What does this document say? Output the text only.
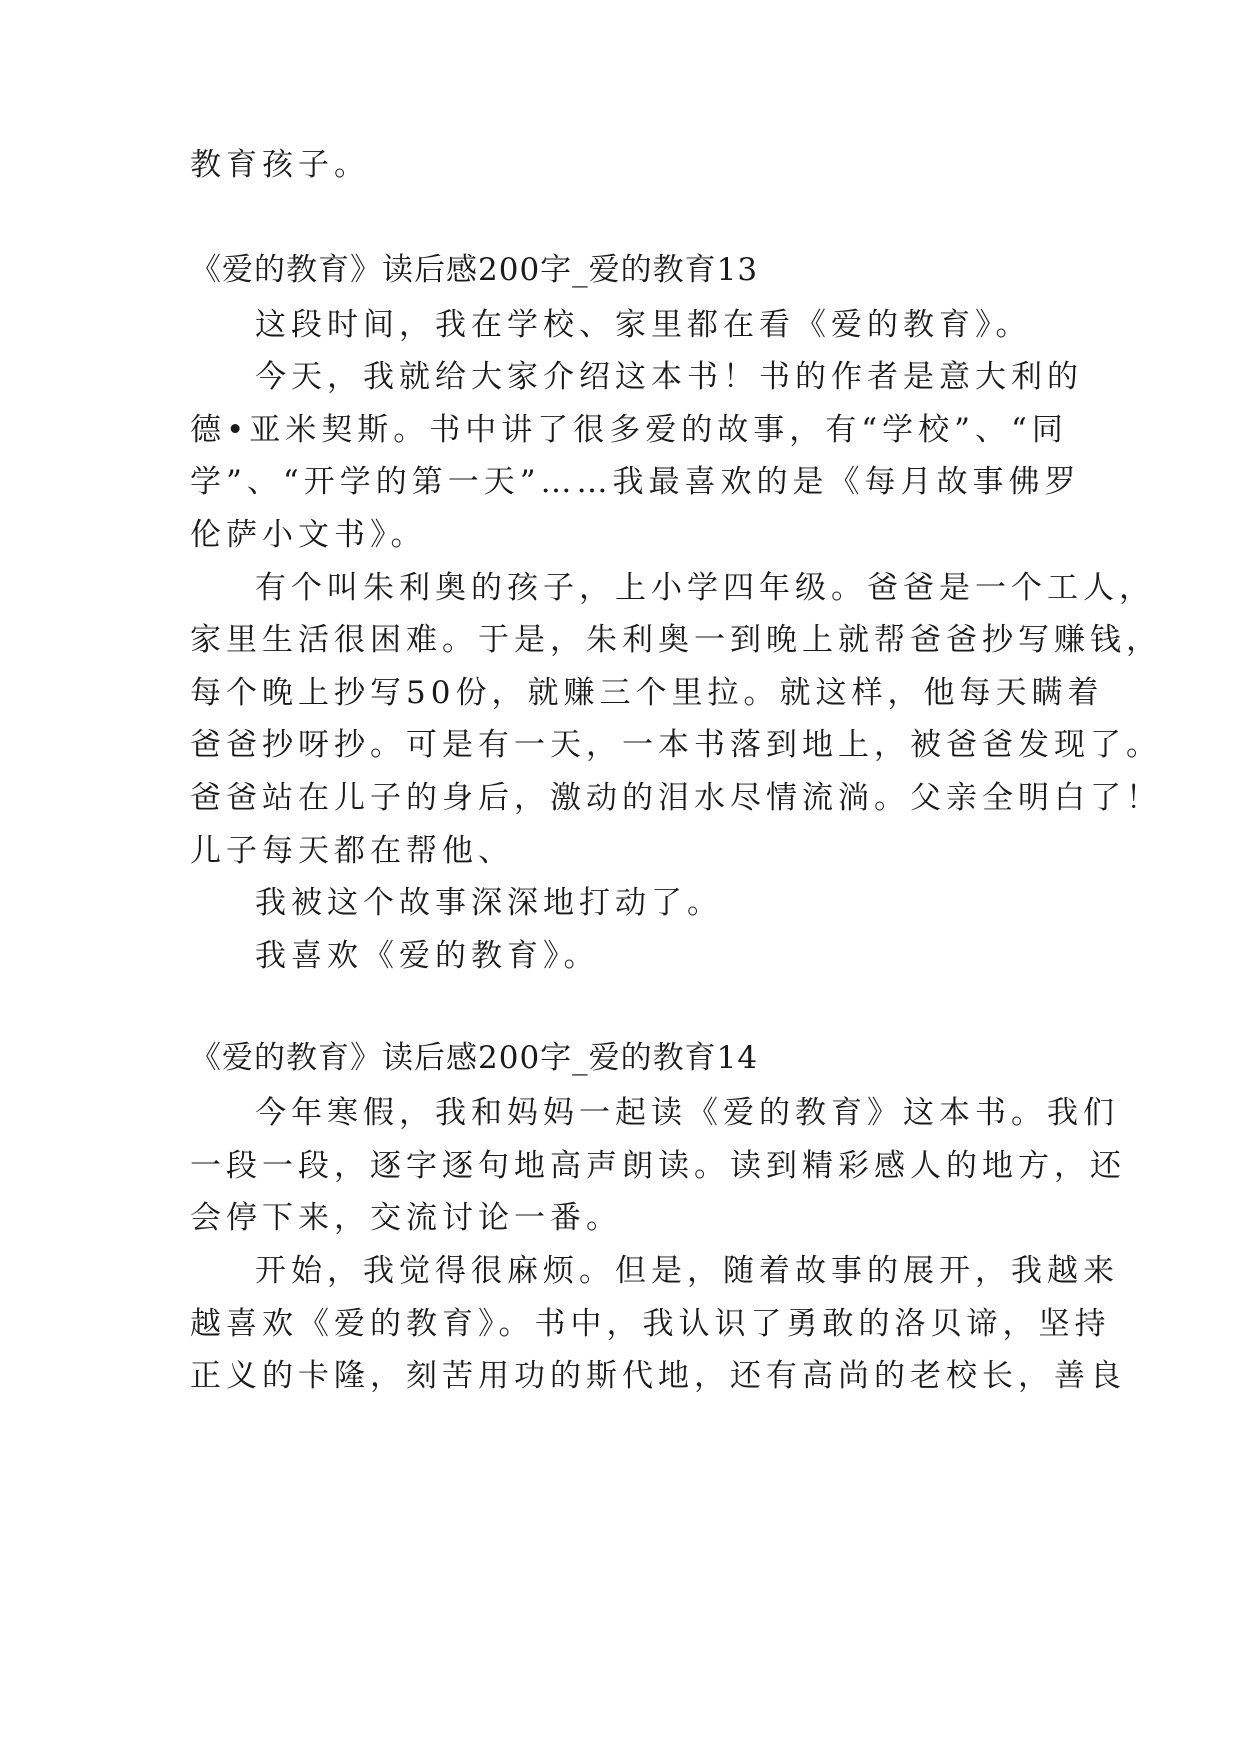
教育孩子。
《爱的教育》读后感200字_爱的教育13
这段时间，我在学校、家里都在看《爱的教育》。
今天，我就给大家介绍这本书！书的作者是意大利的
德•亚米契斯。书中讲了很多爱的故事，有“学校”、“同
学”、“开学的第一天”……我最喜欢的是《每月故事佛罗
伦萨小文书》。
有个叫朱利奥的孩子，上小学四年级。爸爸是一个工人，
家里生活很困难。于是，朱利奥一到晚上就帮爸爸抄写赚钱，
每个晚上抄写50份，就赚三个里拉。就这样，他每天瞒着
爸爸抄呀抄。可是有一天，一本书落到地上，被爸爸发现了。
爸爸站在儿子的身后，激动的泪水尽情流淌。父亲全明白了！
儿子每天都在帮他、
我被这个故事深深地打动了。
我喜欢《爱的教育》。
《爱的教育》读后感200字_爱的教育14
今年寒假，我和妈妈一起读《爱的教育》这本书。我们
一段一段，逐字逐句地高声朗读。读到精彩感人的地方，还
会停下来，交流讨论一番。
开始，我觉得很麻烦。但是，随着故事的展开，我越来
越喜欢《爱的教育》。书中，我认识了勇敢的洛贝谛，坚持
正义的卡隆，刻苦用功的斯代地，还有高尚的老校长，善良
